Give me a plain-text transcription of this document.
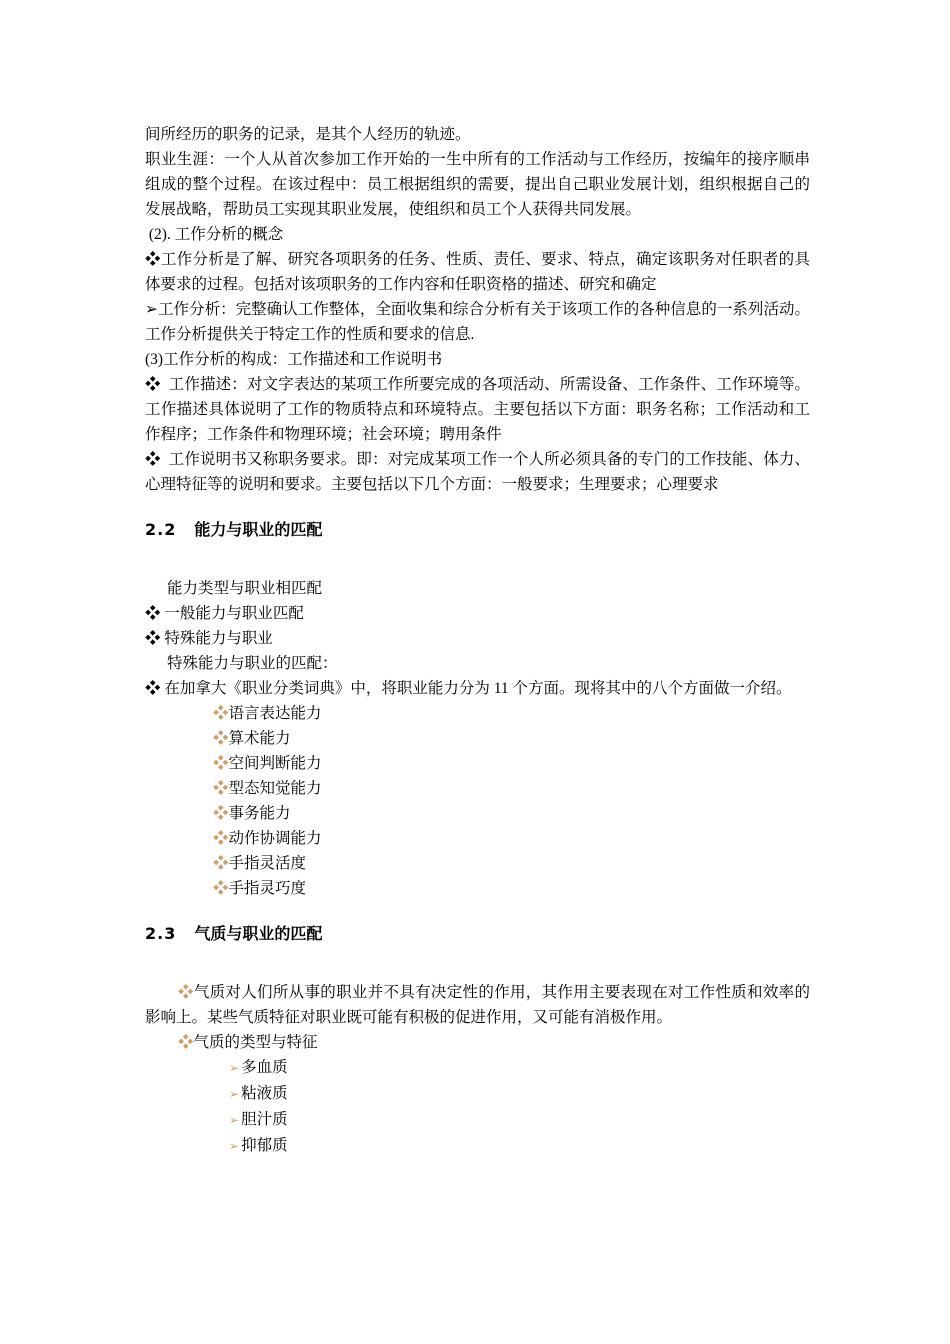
间所经历的职务的记录，是其个人经历的轨迹。

职业生涯：一个人从首次参加工作开始的一生中所有的工作活动与工作经历，按编年的接序顺串组成的整个过程。在该过程中：员工根据组织的需要，提出自己职业发展计划，组织根据自己的发展战略，帮助员工实现其职业发展，使组织和员工个人获得共同发展。

(2). 工作分析的概念

❖工作分析是了解、研究各项职务的任务、性质、责任、要求、特点，确定该职务对任职者的具体要求的过程。包括对该项职务的工作内容和任职资格的描述、研究和确定

➢工作分析：完整确认工作整体，全面收集和综合分析有关于该项工作的各种信息的一系列活动。工作分析提供关于特定工作的性质和要求的信息.

(3)工作分析的构成：工作描述和工作说明书

❖  工作描述：对文字表达的某项工作所要完成的各项活动、所需设备、工作条件、工作环境等。工作描述具体说明了工作的物质特点和环境特点。主要包括以下方面：职务名称；工作活动和工作程序；工作条件和物理环境；社会环境；聘用条件

❖  工作说明书又称职务要求。即：对完成某项工作一个人所必须具备的专门的工作技能、体力、心理特征等的说明和要求。主要包括以下几个方面：一般要求；生理要求；心理要求

2.2 能力与职业的匹配

能力类型与职业相匹配

❖ 一般能力与职业匹配

❖ 特殊能力与职业

特殊能力与职业的匹配：

❖ 在加拿大《职业分类词典》中，将职业能力分为 11 个方面。现将其中的八个方面做一介绍。

❖语言表达能力

❖算术能力

❖空间判断能力

❖型态知觉能力

❖事务能力

❖动作协调能力

❖手指灵活度

❖手指灵巧度

2.3 气质与职业的匹配

❖气质对人们所从事的职业并不具有决定性的作用，其作用主要表现在对工作性质和效率的影响上。某些气质特征对职业既可能有积极的促进作用，又可能有消极作用。

❖气质的类型与特征

➢ 多血质

➢ 粘液质

➢ 胆汁质

➢ 抑郁质
